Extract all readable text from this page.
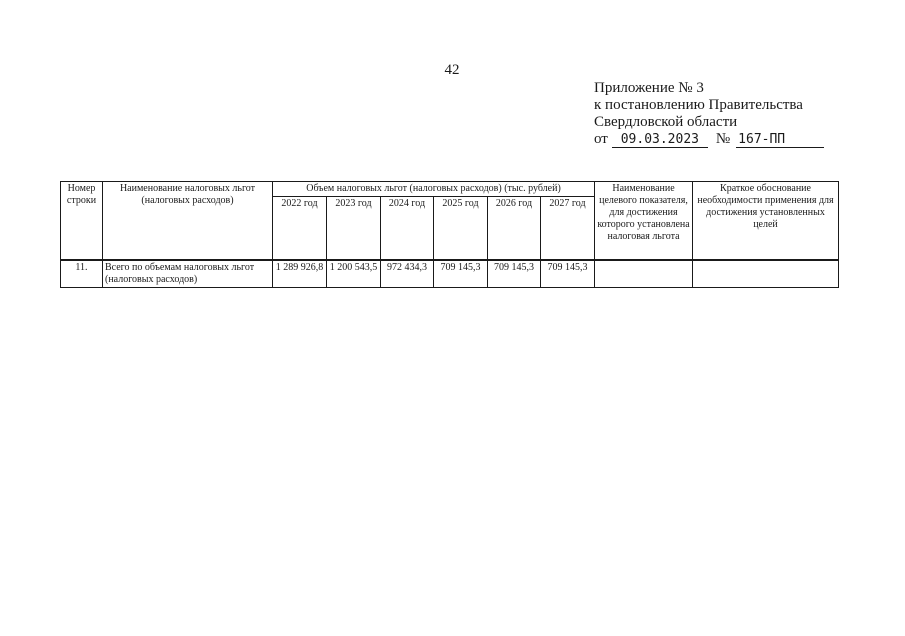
42
Приложение № 3
к постановлению Правительства
Свердловской области
от 09.03.2023	№ 167-ПП
Номер строки	Наименование налоговых льгот (налоговых расходов)	Объем налоговых льгот (налоговых расходов) (тыс. рублей)						Наименование целевого показателя, для достижения которого установлена налоговая льгота	Краткое обоснование необходимости применения для достижения установленных целей
		2022 год	2023 год	2024 год	2025 год	2026 год	2027 год		
11.	Всего по объемам налоговых льгот (налоговых расходов)	1 289 926,8	1 200 543,5	972 434,3	709 145,3	709 145,3	709 145,3		
